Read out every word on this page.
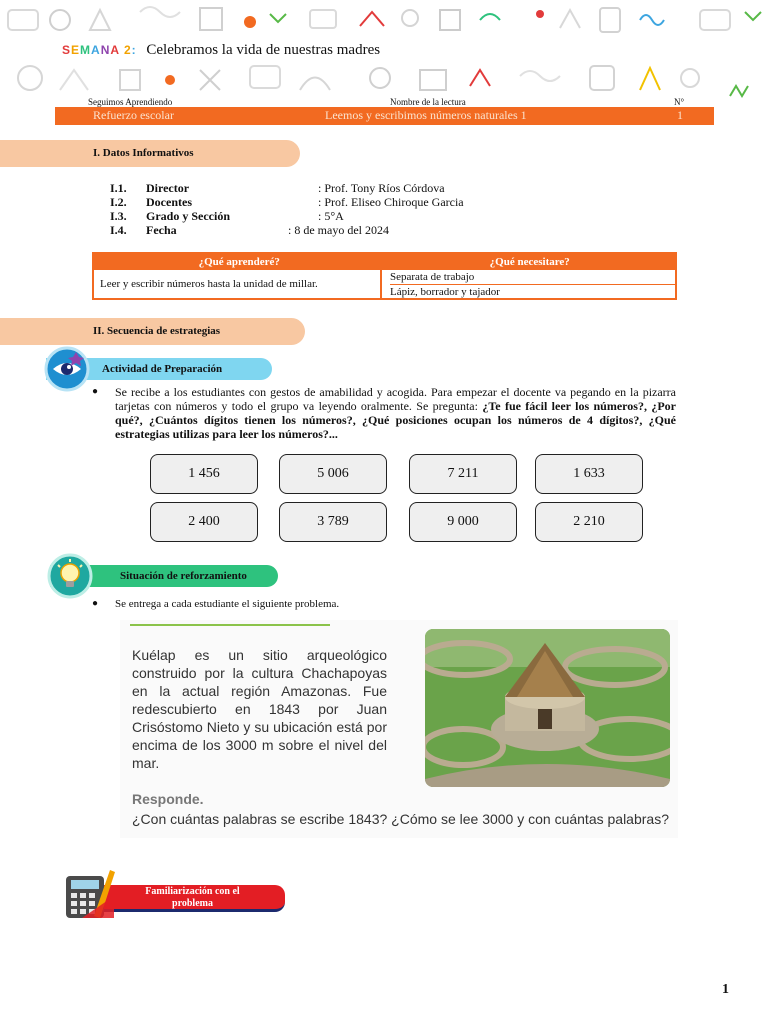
SEMANA 2: Celebramos la vida de nuestras madres
Seguimos Aprendiendo	Nombre de la lectura	N°
Refuerzo escolar	Leemos y escribimos números naturales 1	1
I. Datos Informativos
I.1. Director	: Prof. Tony Ríos Córdova
I.2. Docentes	: Prof. Eliseo Chiroque Garcia
I.3. Grado y Sección	: 5°A
I.4. Fecha	: 8 de mayo del 2024
¿Qué aprenderé?	¿Qué necesitare?
Leer y escribir números hasta la unidad de millar.
Separata de trabajo
Lápiz, borrador y tajador
II. Secuencia de estrategias
Actividad de Preparación
● Se recibe a los estudiantes con gestos de amabilidad y acogida. Para empezar el docente va pegando en la pizarra tarjetas con números y todo el grupo va leyendo oralmente. Se pregunta: ¿Te fue fácil leer los números?, ¿Por qué?, ¿Cuántos dígitos tienen los números?, ¿Qué posiciones ocupan los números de 4 dígitos?, ¿Qué estrategias utilizas para leer los números?...

1 456	5 006	7 211	1 633
2 400	3 789	9 000	2 210
Situación de reforzamiento
● Se entrega a cada estudiante el siguiente problema.

Kuélap es un sitio arqueológico construido por la cultura Chachapoyas en la actual región Amazonas. Fue redescubierto en 1843 por Juan Crisóstomo Nieto y su ubicación está por encima de los 3000 m sobre el nivel del mar.

Responde.

¿Con cuántas palabras se escribe 1843? ¿Cómo se lee 3000 y con cuántas palabras?

Familiarización con el
problema
1
